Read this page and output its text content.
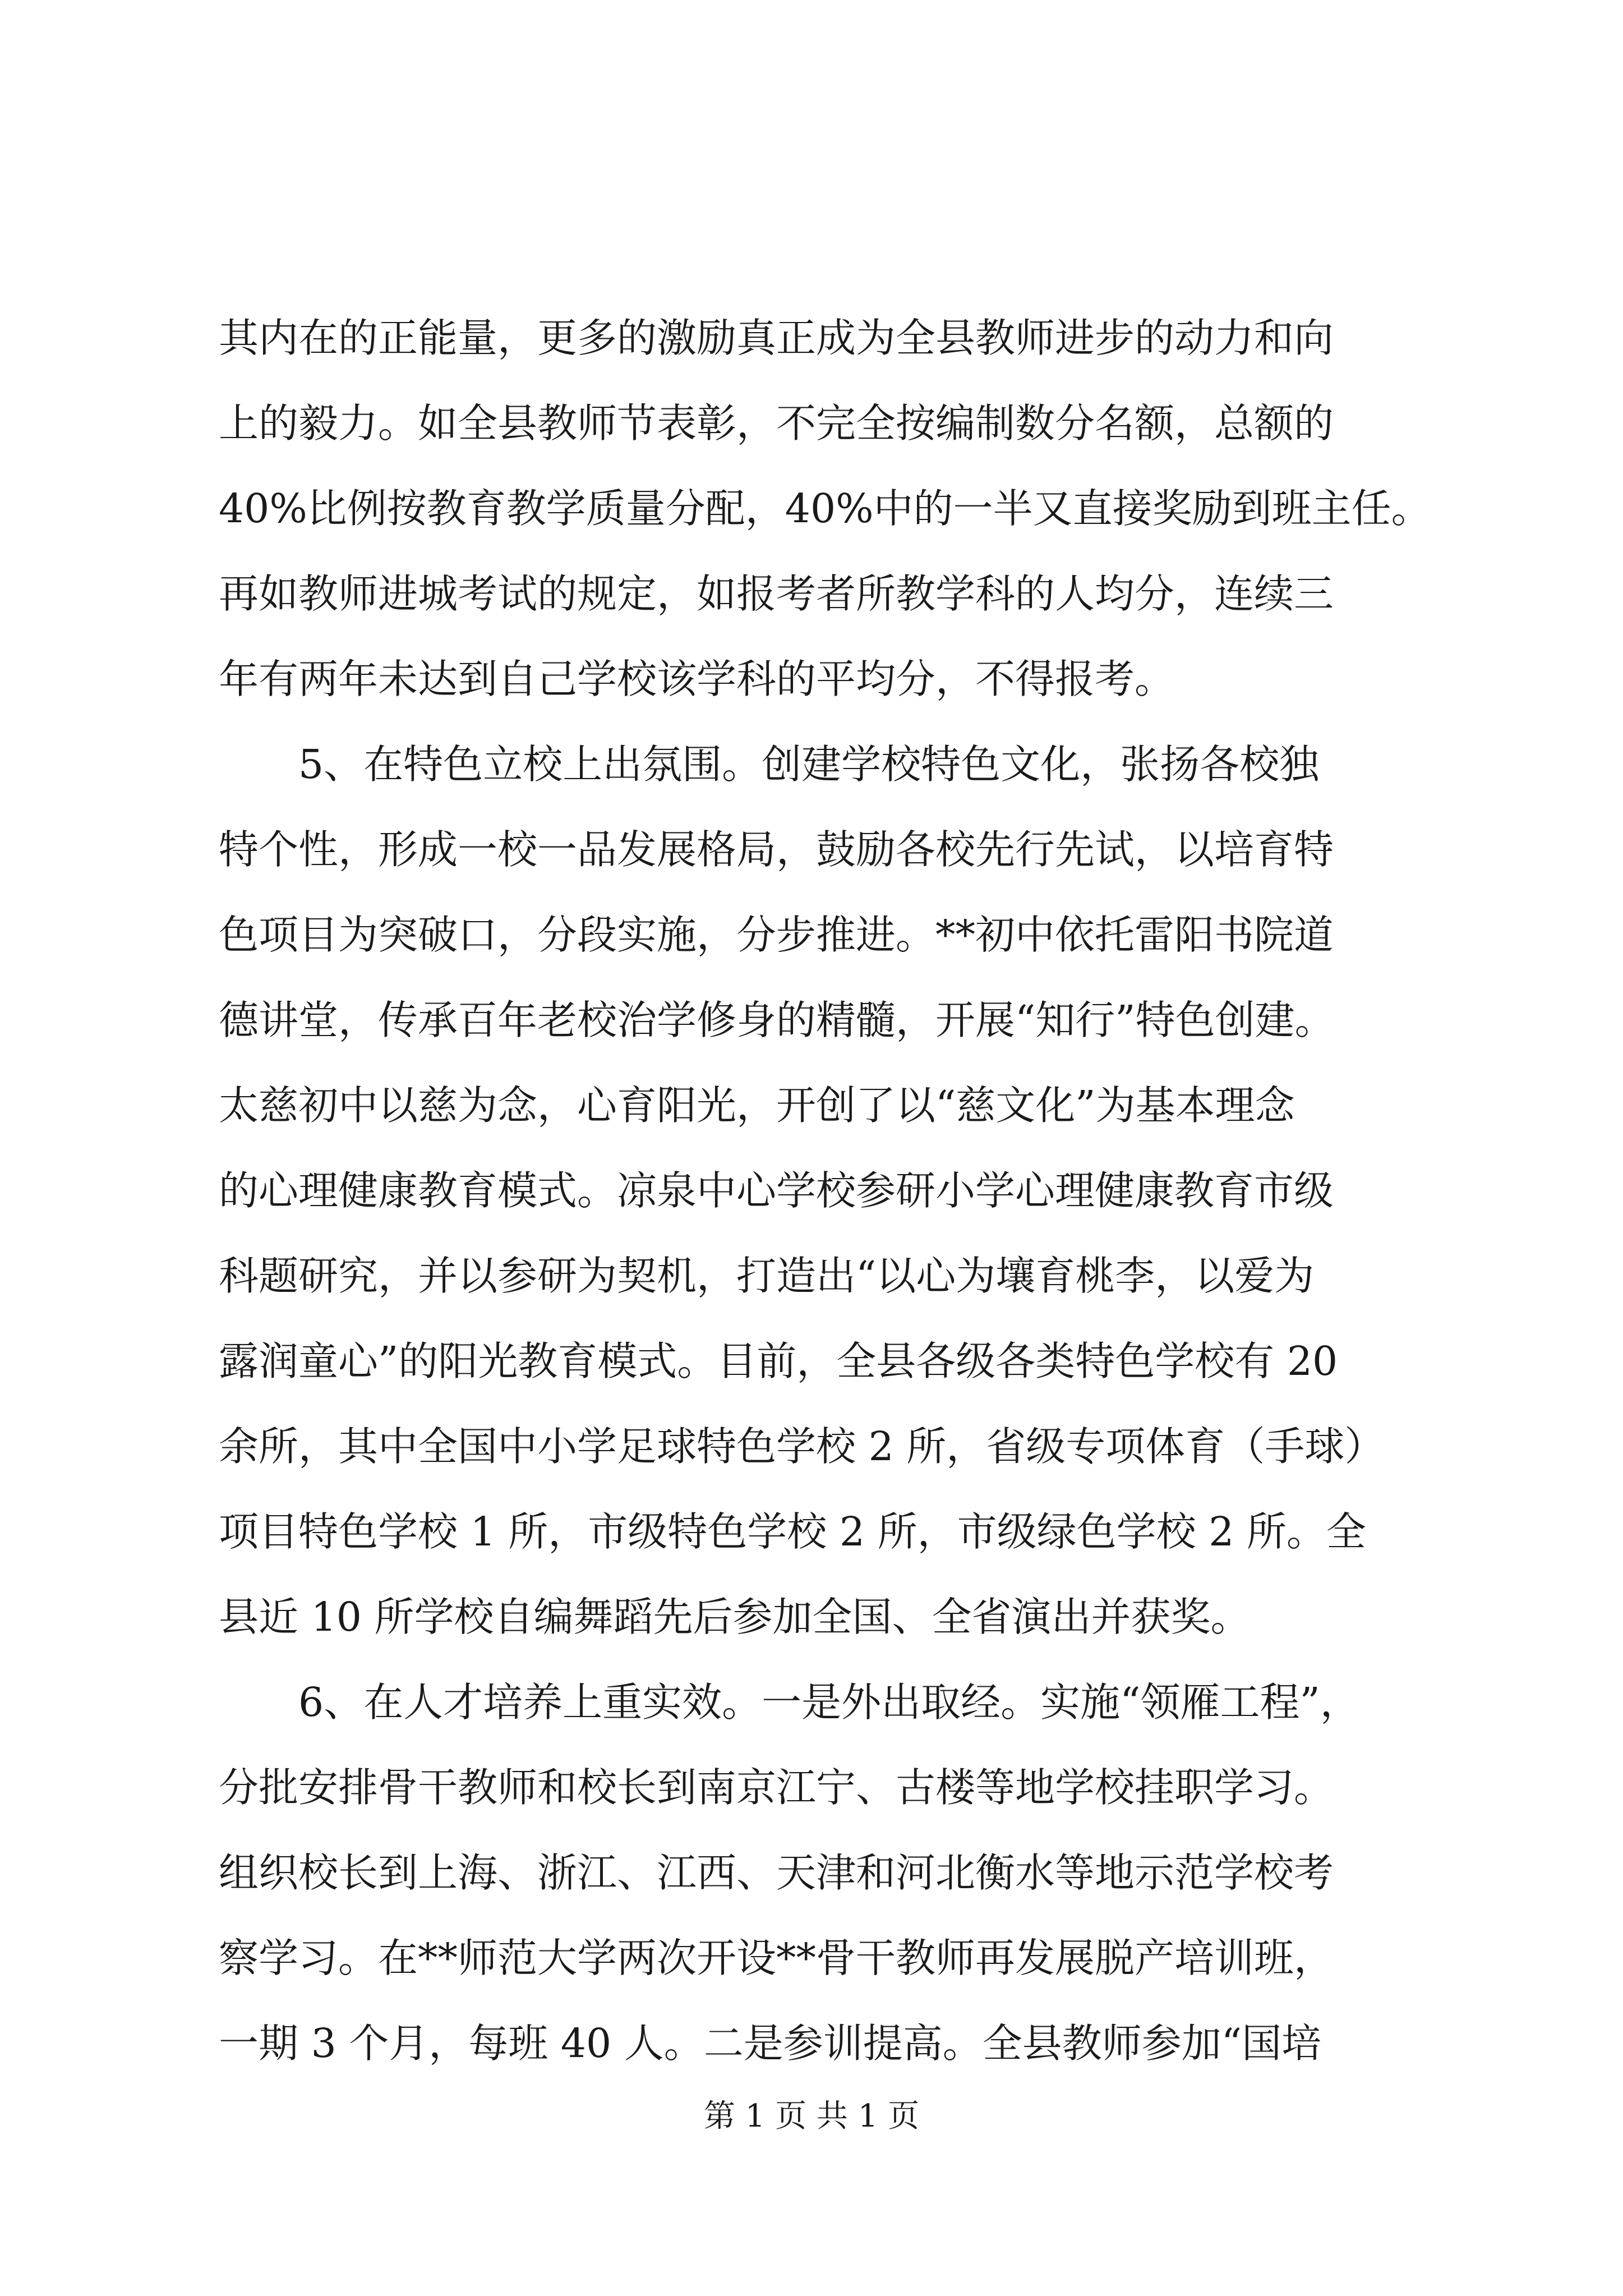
其内在的正能量，更多的激励真正成为全县教师进步的动力和向
上的毅力。如全县教师节表彰，不完全按编制数分名额，总额的
40%比例按教育教学质量分配，40%中的一半又直接奖励到班主任。
再如教师进城考试的规定，如报考者所教学科的人均分，连续三
年有两年未达到自己学校该学科的平均分，不得报考。
　　5、在特色立校上出氛围。创建学校特色文化，张扬各校独
特个性，形成一校一品发展格局，鼓励各校先行先试，以培育特
色项目为突破口，分段实施，分步推进。**初中依托雷阳书院道
德讲堂，传承百年老校治学修身的精髓，开展“知行”特色创建。
太慈初中以慈为念，心育阳光，开创了以“慈文化”为基本理念
的心理健康教育模式。凉泉中心学校参研小学心理健康教育市级
科题研究，并以参研为契机，打造出“以心为壤育桃李，以爱为
露润童心”的阳光教育模式。目前，全县各级各类特色学校有 20
余所，其中全国中小学足球特色学校 2 所，省级专项体育（手球）
项目特色学校 1 所，市级特色学校 2 所，市级绿色学校 2 所。全
县近 10 所学校自编舞蹈先后参加全国、全省演出并获奖。
　　6、在人才培养上重实效。一是外出取经。实施“领雁工程”，
分批安排骨干教师和校长到南京江宁、古楼等地学校挂职学习。
组织校长到上海、浙江、江西、天津和河北衡水等地示范学校考
察学习。在**师范大学两次开设**骨干教师再发展脱产培训班，
一期 3 个月，每班 40 人。二是参训提高。全县教师参加“国培
第 1 页 共 1 页
